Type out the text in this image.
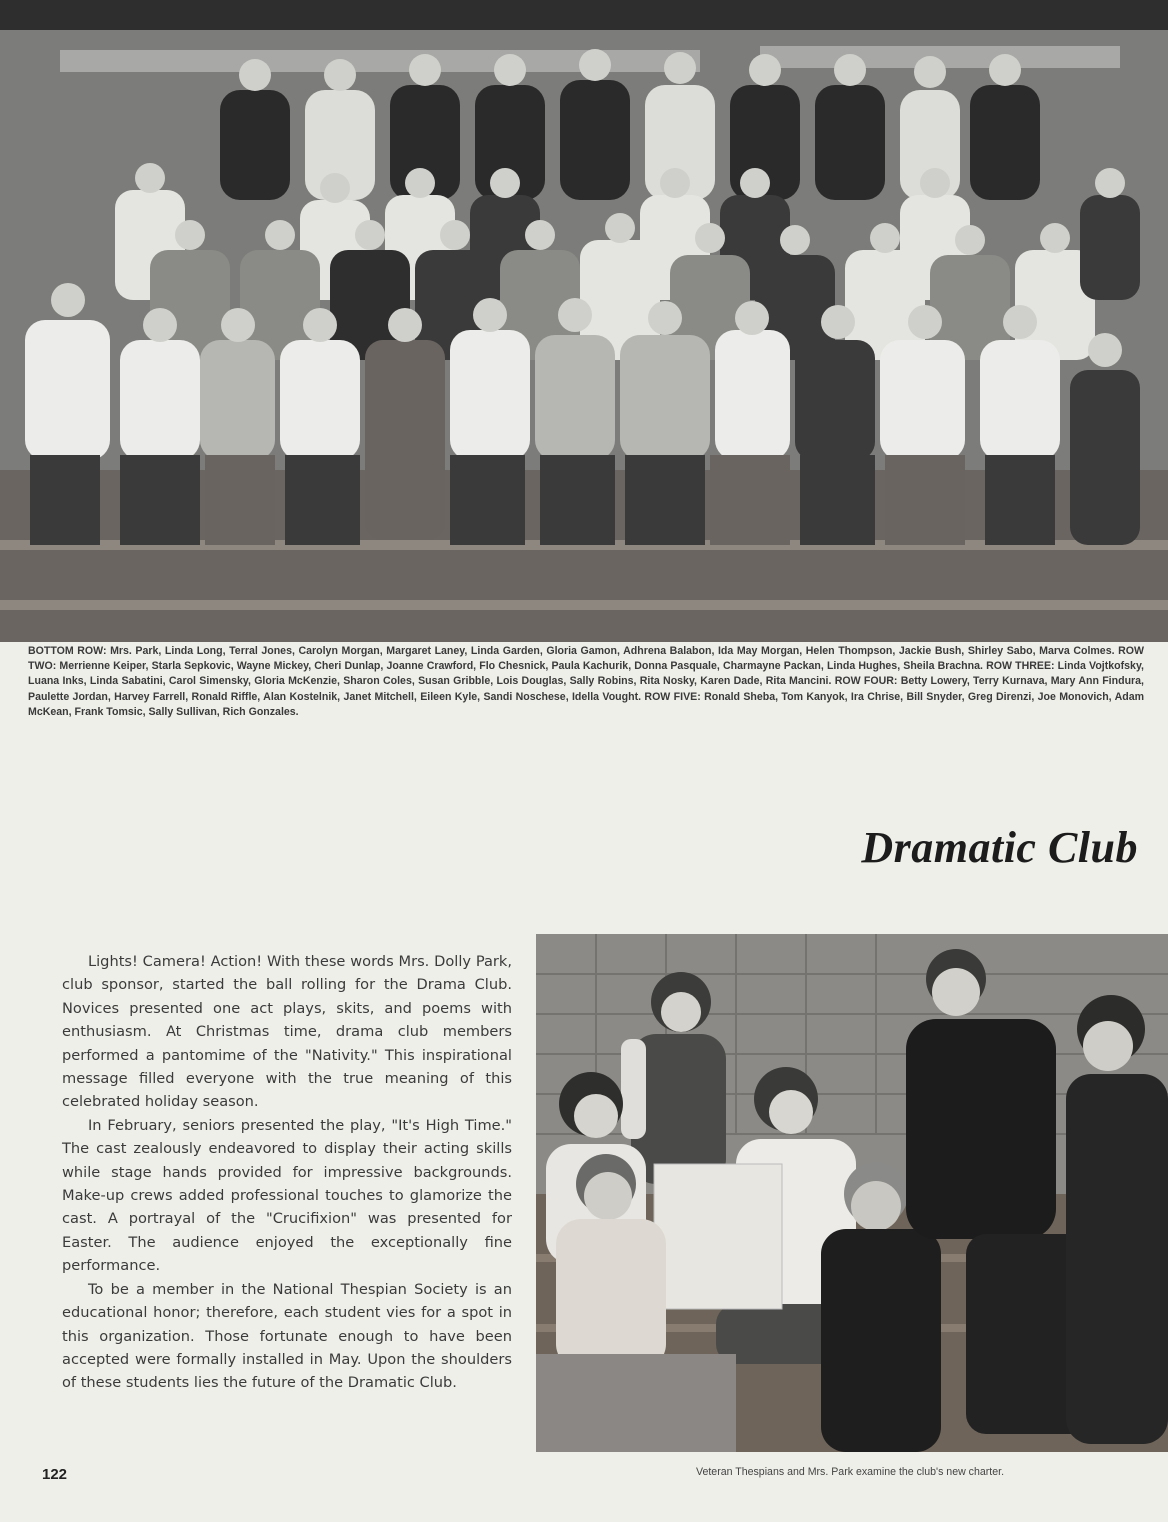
BOTTOM ROW: Mrs. Park, Linda Long, Terral Jones, Carolyn Morgan, Margaret Laney, Linda Garden, Gloria Gamon, Adhrena Balabon, Ida May Morgan, Helen Thompson, Jackie Bush, Shirley Sabo, Marva Colmes. ROW TWO: Merrienne Keiper, Starla Sepkovic, Wayne Mickey, Cheri Dunlap, Joanne Crawford, Flo Chesnick, Paula Kachurik, Donna Pasquale, Charmayne Packan, Linda Hughes, Sheila Brachna. ROW THREE: Linda Vojtkofsky, Luana Inks, Linda Sabatini, Carol Simensky, Gloria McKenzie, Sharon Coles, Susan Gribble, Lois Douglas, Sally Robins, Rita Nosky, Karen Dade, Rita Mancini. ROW FOUR: Betty Lowery, Terry Kurnava, Mary Ann Findura, Paulette Jordan, Harvey Farrell, Ronald Riffle, Alan Kostelnik, Janet Mitchell, Eileen Kyle, Sandi Noschese, Idella Vought. ROW FIVE: Ronald Sheba, Tom Kanyok, Ira Chrise, Bill Snyder, Greg Direnzi, Joe Monovich, Adam McKean, Frank Tomsic, Sally Sullivan, Rich Gonzales.
Dramatic Club

Lights! Camera! Action! With these words Mrs. Dolly Park, club sponsor, started the ball rolling for the Drama Club. Novices presented one act plays, skits, and poems with enthusiasm. At Christmas time, drama club members performed a pantomime of the "Nativity." This inspirational message filled everyone with the true meaning of this celebrated holiday season.

In February, seniors presented the play, "It's High Time." The cast zealously endeavored to display their acting skills while stage hands provided for impressive backgrounds. Make-up crews added professional touches to glamorize the cast. A portrayal of the "Crucifixion" was presented for Easter. The audience enjoyed the exceptionally fine performance.

To be a member in the National Thespian Society is an educational honor; therefore, each student vies for a spot in this organization. Those fortunate enough to have been accepted were formally installed in May. Upon the shoulders of these students lies the future of the Dramatic Club.

Veteran Thespians and Mrs. Park examine the club's new charter.
122
